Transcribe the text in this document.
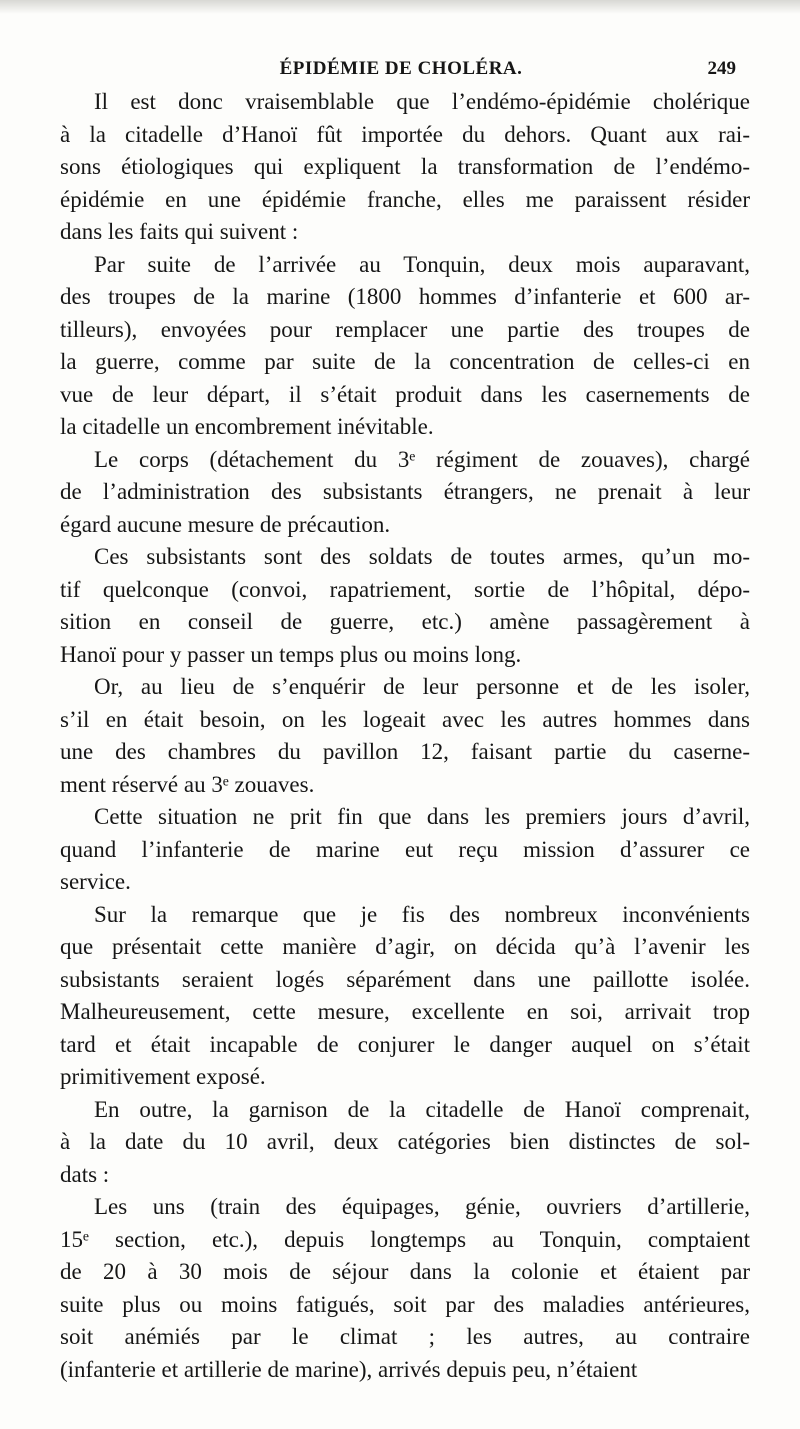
ÉPIDÉMIE DE CHOLÉRA.	249
Il est donc vraisemblable que l’endémo-épidémie cholérique
à la citadelle d’Hanoï fût importée du dehors. Quant aux rai-
sons étiologiques qui expliquent la transformation de l’endémo-
épidémie en une épidémie franche, elles me paraissent résider
dans les faits qui suivent :
Par suite de l’arrivée au Tonquin, deux mois auparavant,
des troupes de la marine (1800 hommes d’infanterie et 600 ar-
tilleurs), envoyées pour remplacer une partie des troupes de
la guerre, comme par suite de la concentration de celles-ci en
vue de leur départ, il s’était produit dans les casernements de
la citadelle un encombrement inévitable.
Le corps (détachement du 3ᵉ régiment de zouaves), chargé
de l’administration des subsistants étrangers, ne prenait à leur
égard aucune mesure de précaution.
Ces subsistants sont des soldats de toutes armes, qu’un mo-
tif quelconque (convoi, rapatriement, sortie de l’hôpital, dépo-
sition en conseil de guerre, etc.) amène passagèrement à
Hanoï pour y passer un temps plus ou moins long.
Or, au lieu de s’enquérir de leur personne et de les isoler,
s’il en était besoin, on les logeait avec les autres hommes dans
une des chambres du pavillon 12, faisant partie du caserne-
ment réservé au 3ᵉ zouaves.
Cette situation ne prit fin que dans les premiers jours d’avril,
quand l’infanterie de marine eut reçu mission d’assurer ce
service.
Sur la remarque que je fis des nombreux inconvénients
que présentait cette manière d’agir, on décida qu’à l’avenir les
subsistants seraient logés séparément dans une paillotte isolée.
Malheureusement, cette mesure, excellente en soi, arrivait trop
tard et était incapable de conjurer le danger auquel on s’était
primitivement exposé.
En outre, la garnison de la citadelle de Hanoï comprenait,
à la date du 10 avril, deux catégories bien distinctes de sol-
dats :
Les uns (train des équipages, génie, ouvriers d’artillerie,
15ᵉ section, etc.), depuis longtemps au Tonquin, comptaient
de 20 à 30 mois de séjour dans la colonie et étaient par
suite plus ou moins fatigués, soit par des maladies antérieures,
soit anémiés par le climat ; les autres, au contraire
(infanterie et artillerie de marine), arrivés depuis peu, n’étaient
